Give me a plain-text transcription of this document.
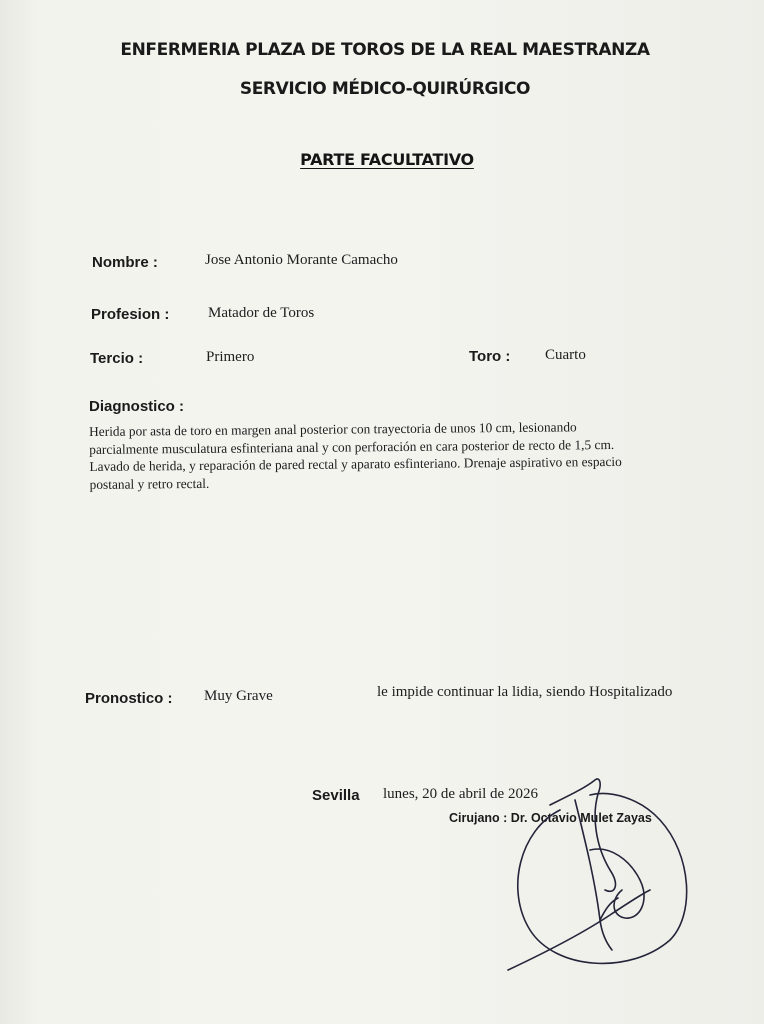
ENFERMERIA PLAZA DE TOROS DE LA REAL MAESTRANZA
SERVICIO MÉDICO-QUIRÚRGICO
PARTE FACULTATIVO
Nombre :	Jose Antonio Morante Camacho
Profesion :	Matador de Toros
Tercio :	Primero	Toro : Cuarto
Diagnostico :
Herida por asta de toro en margen anal posterior con trayectoria de unos 10 cm, lesionando
parcialmente musculatura esfinteriana anal y con perforación en cara posterior de recto de 1,5 cm.
Lavado de herida, y reparación de pared rectal y aparato esfinteriano. Drenaje aspirativo en espacio
postanal y retro rectal.
Pronostico : Muy Grave	le impide continuar la lidia, siendo Hospitalizado
Sevilla lunes, 20 de abril de 2026
Cirujano : Dr. Octavio Mulet Zayas
